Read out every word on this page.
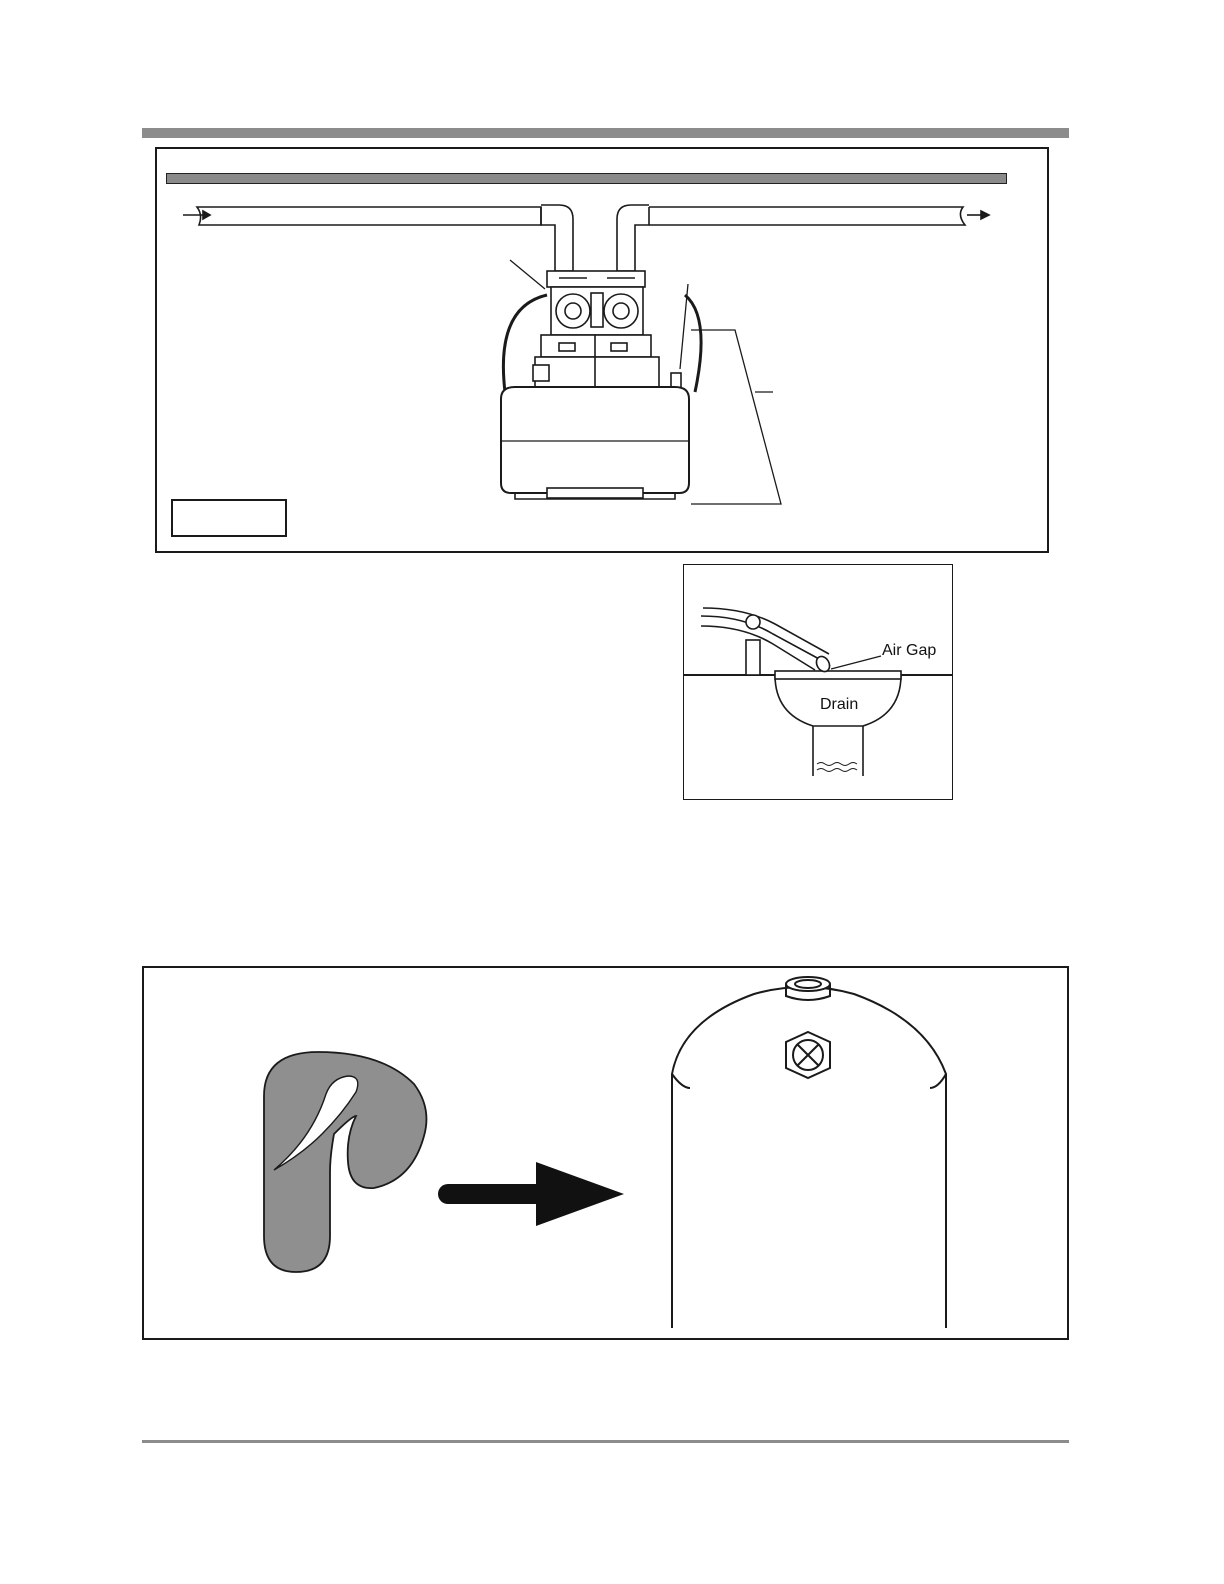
Air Gap
Drain
